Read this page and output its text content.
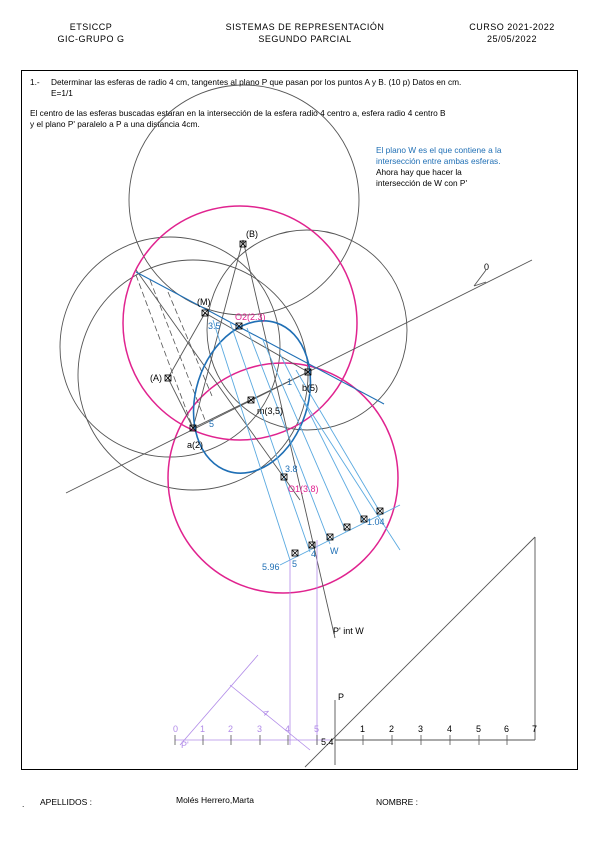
ETSICCP
GIC-GRUPO G
SISTEMAS DE REPRESENTACIÓN
SEGUNDO PARCIAL
CURSO 2021-2022
25/05/2022
1.- Determinar las esferas de radio 4 cm, tangentes al plano P que pasan por los puntos A y B. (10 p) Datos en cm.
E=1/1
El centro de las esferas buscadas estaran en la intersección de la esfera radio 4 centro a, esfera radio 4 centro B
y el plano P' paralelo a P a una distancia 4cm.
El plano W es el que contiene a la
intersección entre ambas esferas.
Ahora hay que hacer la
intersección de W con P'
(B)
(M)
(A)
a(2)
b(5)
m(3,5)
O2(2.3)
O1(3.8)
3.5
3.8
5
1
1.04
5.96
W
4
5
P' int W
0
P
P'	5.4
4
0 1	2	3	4	5	1	2	3	4	5	6	7
. APELLIDOS :	Molés Herrero,Marta	NOMBRE :
